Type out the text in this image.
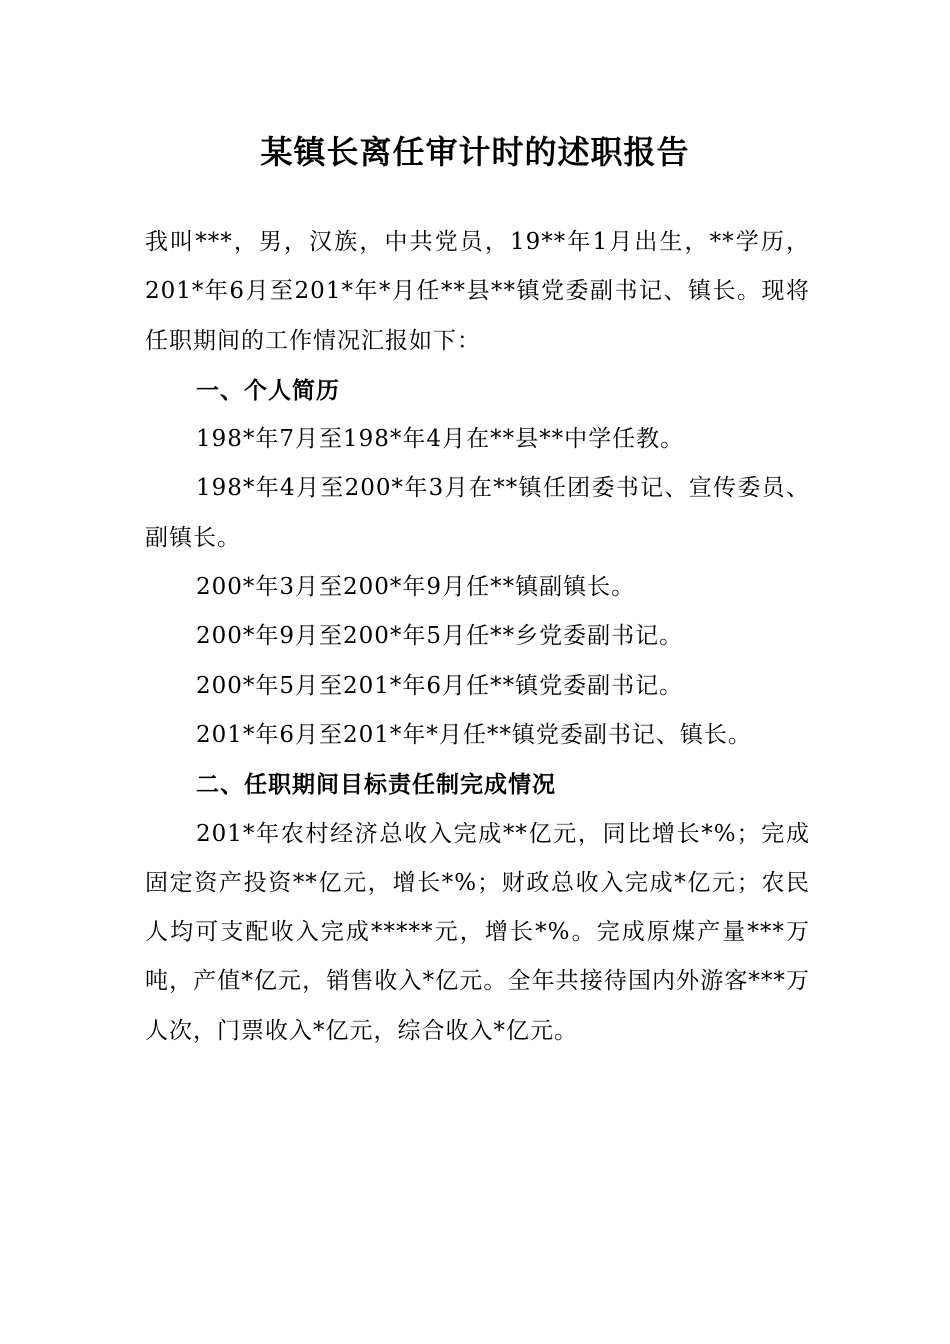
某镇长离任审计时的述职报告

我叫***，男，汉族，中共党员，19**年1月出生，**学历，201*年6月至201*年*月任**县**镇党委副书记、镇长。现将任职期间的工作情况汇报如下：

一、个人简历

198*年7月至198*年4月在**县**中学任教。

198*年4月至200*年3月在**镇任团委书记、宣传委员、副镇长。

200*年3月至200*年9月任**镇副镇长。

200*年9月至200*年5月任**乡党委副书记。

200*年5月至201*年6月任**镇党委副书记。

201*年6月至201*年*月任**镇党委副书记、镇长。

二、任职期间目标责任制完成情况

201*年农村经济总收入完成**亿元，同比增长*%；完成固定资产投资**亿元，增长*%；财政总收入完成*亿元；农民人均可支配收入完成*****元，增长*%。完成原煤产量***万吨，产值*亿元，销售收入*亿元。全年共接待国内外游客***万人次，门票收入*亿元，综合收入*亿元。
